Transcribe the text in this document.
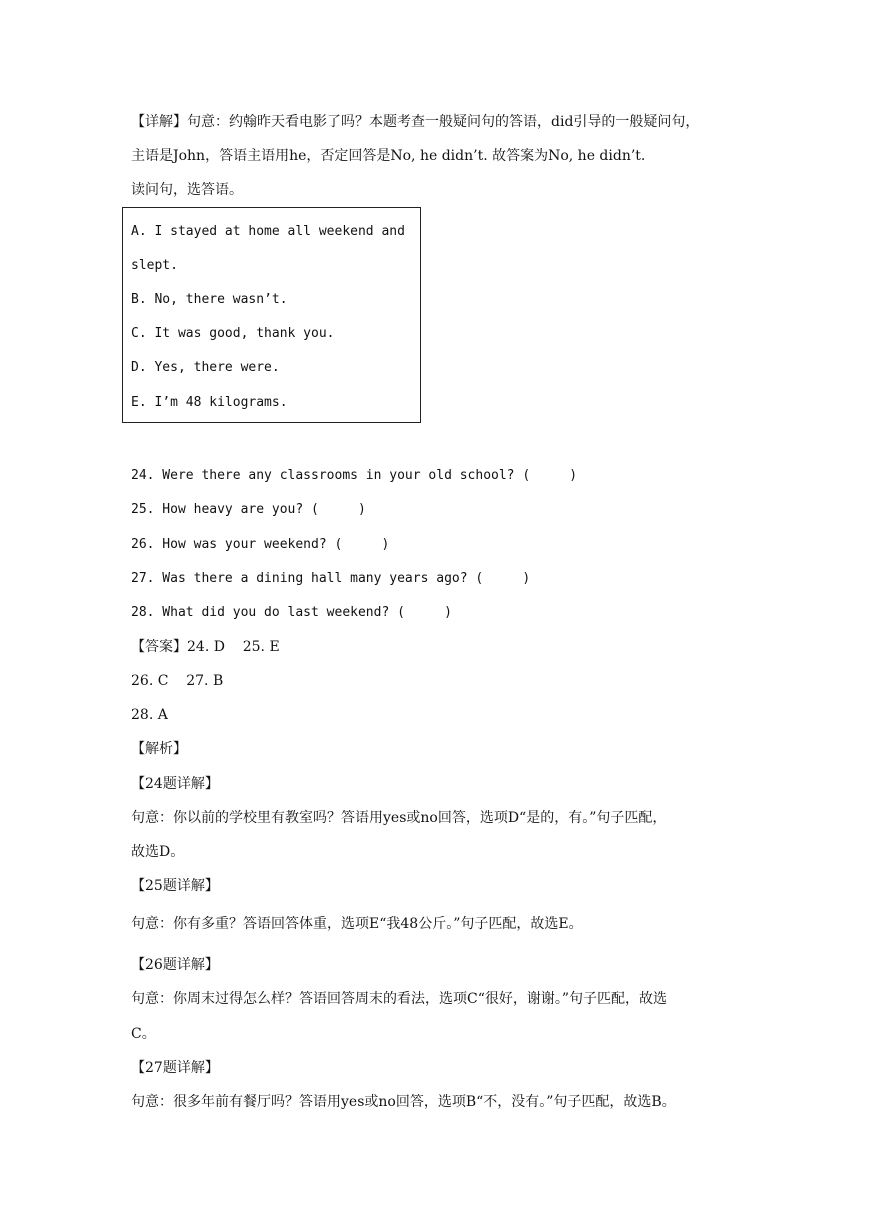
【详解】句意：约翰昨天看电影了吗？本题考查一般疑问句的答语，did引导的一般疑问句，
主语是John，答语主语用he，否定回答是No, he didn’t. 故答案为No, he didn’t.
读问句，选答语。
A. I stayed at home all weekend and
slept.
B. No, there wasn’t.
C. It was good, thank you.
D. Yes, there were.
E. I’m 48 kilograms.
24. Were there any classrooms in your old school? (     )
25. How heavy are you? (     )
26. How was your weekend? (     )
27. Was there a dining hall many years ago? (     )
28. What did you do last weekend? (     )
【答案】24. D    25. E
26. C    27. B
28. A
【解析】
【24题详解】
句意：你以前的学校里有教室吗？答语用yes或no回答，选项D“是的，有。”句子匹配，
故选D。
【25题详解】
句意：你有多重？答语回答体重，选项E“我48公斤。”句子匹配，故选E。
【26题详解】
句意：你周末过得怎么样？答语回答周末的看法，选项C“很好，谢谢。”句子匹配，故选
C。
【27题详解】
句意：很多年前有餐厅吗？答语用yes或no回答，选项B“不，没有。”句子匹配，故选B。
